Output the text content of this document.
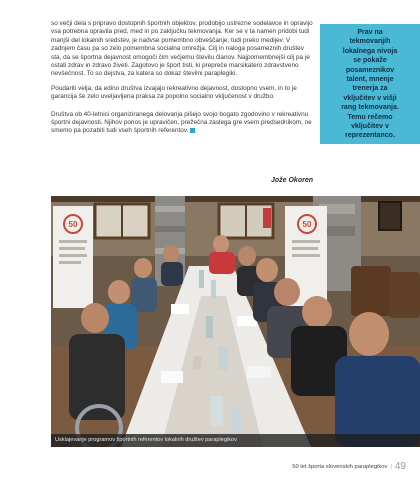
so večji dela s pripravo dostopnih športnih objektov, prodobijo ustrezne sodelavce in opravijo vsa potrebna opravila pred, med in po zaključku tekmovanja. Ker se v ta namen pridobi tudi manjši del lokalnih sredstev, je nadvse pomembno obveščanje, tudi preko medijev. V zadnjem času pa so zelo pomembna socialna omrežja. Cilj in naloga posameznih društev sta, da se športna dejavnost omogoči čim večjemu številu članov. Najpomembnejši cilj pa je ostati zdrav in zdravo živeti. Zagotovo je šport tisti, ki prepreče marsikatero zdravstveno nevšečnost. To so dejstva, za katera so dokaz številni paraplegiki.

Poudariti velja, da edino društva izvajajo rekreativno dejavnost, dostopno vsem, in to je garancija še zelo uveljavljena praksa za popolno socialno vključenost v družbo.

Društva ob 40-letnici organiziranega delovanja pišejo svojo bogato zgodovino v rekreativnu športni dejavnosti. Njihov ponos je upravičen, prežečna zaslega gre vsem predsednikom, ne smemo pa pozabiti tudi vseh športnih referentov.

Prav na
tekmovanjih
lokalnega nivoja
se pokaže
posameznikov
talent, mnenje
trenerja za
vključitev v višji
rang tekmovanja.
Temu rečemo
vključitev v
reprezentanco.
Jože Okoren
50	50
Usklajevanje programov športnih referentov lokalnih društev paraplegikov
50 let športa slovenskih paraplegikov | 49
